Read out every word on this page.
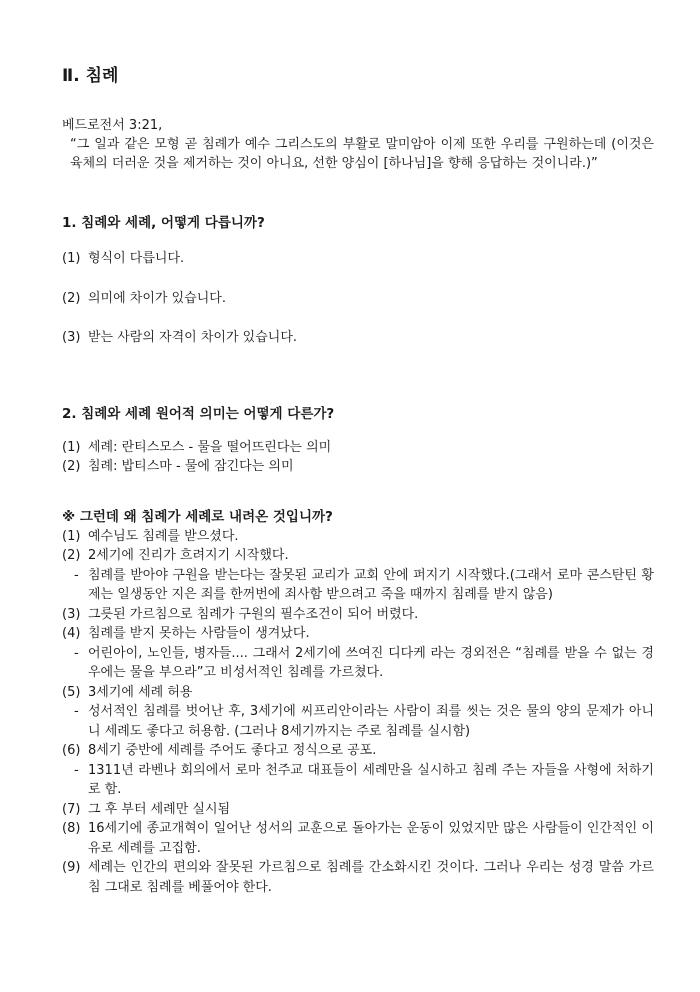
Ⅱ. 침례

베드로전서 3:21,

“그 일과 같은 모형 곧 침례가 예수 그리스도의 부활로 말미암아 이제 또한 우리를 구원하는데 (이것은 육체의 더러운 것을 제거하는 것이 아니요, 선한 양심이 [하나님]을 향해 응답하는 것이니라.)”

1. 침례와 세례, 어떻게 다릅니까?

(1) 형식이 다릅니다.
(2) 의미에 차이가 있습니다.
(3) 받는 사람의 자격이 차이가 있습니다.

2. 침례와 세례 원어적 의미는 어떻게 다른가?

(1) 세례: 란티스모스 - 물을 떨어뜨린다는 의미
(2) 침례: 밥티스마 - 물에 잠긴다는 의미

※ 그런데 왜 침례가 세례로 내려온 것입니까?

(1) 예수님도 침례를 받으셨다.
(2) 2세기에 진리가 흐려지기 시작했다.
- 침례를 받아야 구원을 받는다는 잘못된 교리가 교회 안에 퍼지기 시작했다.(그래서 로마 콘스탄틴 황제는 일생동안 지은 죄를 한꺼번에 죄사함 받으려고 죽을 때까지 침례를 받지 않음)
(3) 그릇된 가르침으로 침례가 구원의 필수조건이 되어 버렸다.
(4) 침례를 받지 못하는 사람들이 생겨났다.
- 어린아이, 노인들, 병자들.... 그래서 2세기에 쓰여진 디다케 라는 경외전은 “침례를 받을 수 없는 경우에는 물을 부으라”고 비성서적인 침례를 가르쳤다.
(5) 3세기에 세례 허용
- 성서적인 침례를 벗어난 후, 3세기에 씨프리안이라는 사람이 죄를 씻는 것은 물의 양의 문제가 아니니 세례도 좋다고 허용함. (그러나 8세기까지는 주로 침례를 실시함)
(6) 8세기 중반에 세례를 주어도 좋다고 정식으로 공포.
- 1311년 라벤나 회의에서 로마 천주교 대표들이 세례만을 실시하고 침례 주는 자들을 사형에 처하기로 함.
(7) 그 후 부터 세례만 실시됨
(8) 16세기에 종교개혁이 일어난 성서의 교훈으로 돌아가는 운동이 있었지만 많은 사람들이 인간적인 이유로 세례를 고집함.
(9) 세례는 인간의 편의와 잘못된 가르침으로 침례를 간소화시킨 것이다. 그러나 우리는 성경 말씀 가르침 그대로 침례를 베풀어야 한다.
